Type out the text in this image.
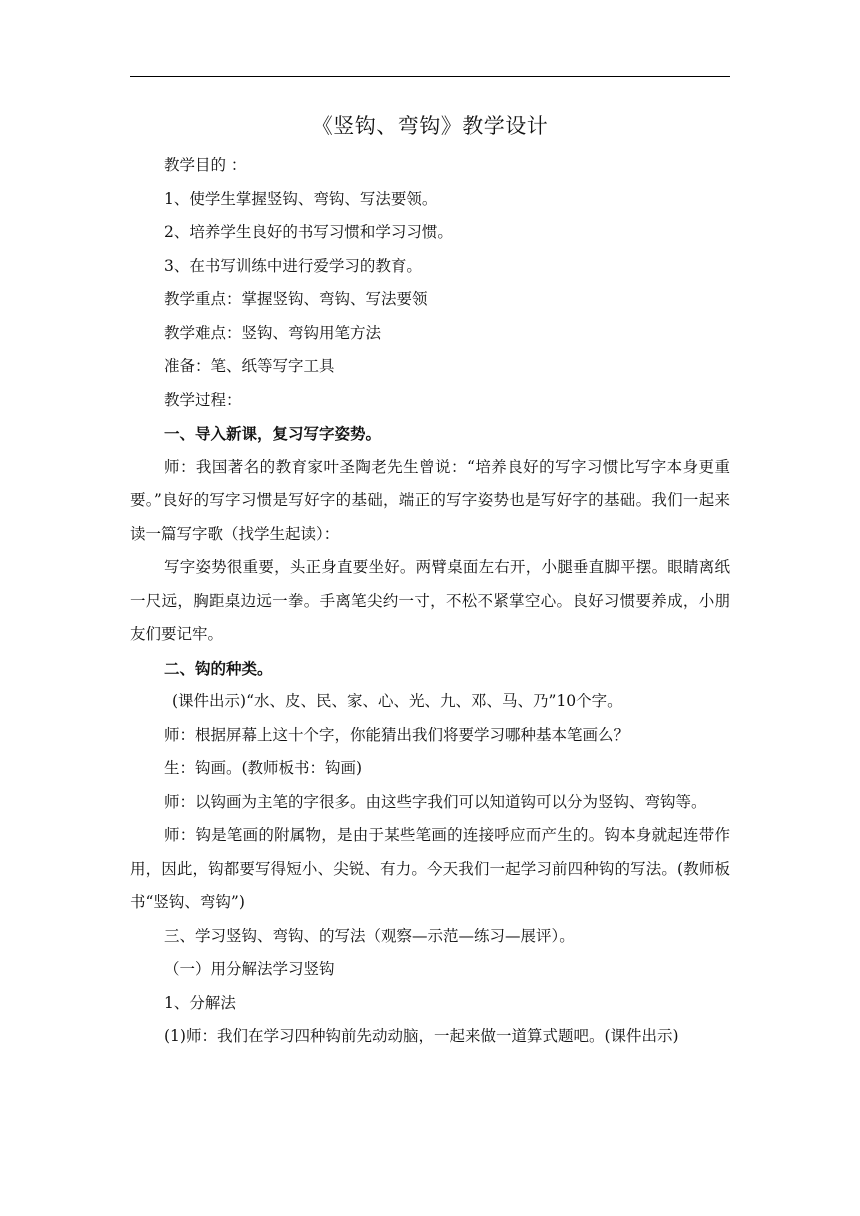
《竖钩、弯钩》教学设计

教学目的 ：

1、使学生掌握竖钩、弯钩、写法要领。

2、培养学生良好的书写习惯和学习习惯。

3、在书写训练中进行爱学习的教育。

教学重点：掌握竖钩、弯钩、写法要领

教学难点：竖钩、弯钩用笔方法

准备：笔、纸等写字工具

教学过程：

一、导入新课，复习写字姿势。

师：我国著名的教育家叶圣陶老先生曾说：“培养良好的写字习惯比写字本身更重要。”良好的写字习惯是写好字的基础，端正的写字姿势也是写好字的基础。我们一起来读一篇写字歌（找学生起读）：

写字姿势很重要，头正身直要坐好。两臂桌面左右开，小腿垂直脚平摆。眼睛离纸一尺远，胸距桌边远一拳。手离笔尖约一寸，不松不紧掌空心。良好习惯要养成，小朋友们要记牢。

二、钩的种类。

(课件出示)“水、皮、民、家、心、光、九、邓、马、乃”10个字。

师：根据屏幕上这十个字，你能猜出我们将要学习哪种基本笔画么？

生：钩画。(教师板书：钩画)

师：以钩画为主笔的字很多。由这些字我们可以知道钩可以分为竖钩、弯钩等。

师：钩是笔画的附属物，是由于某些笔画的连接呼应而产生的。钩本身就起连带作用，因此，钩都要写得短小、尖锐、有力。今天我们一起学习前四种钩的写法。(教师板书“竖钩、弯钩”)

三、学习竖钩、弯钩、的写法（观察—示范—练习—展评）。

（一）用分解法学习竖钩

1、分解法

(1)师：我们在学习四种钩前先动动脑，一起来做一道算式题吧。(课件出示)
